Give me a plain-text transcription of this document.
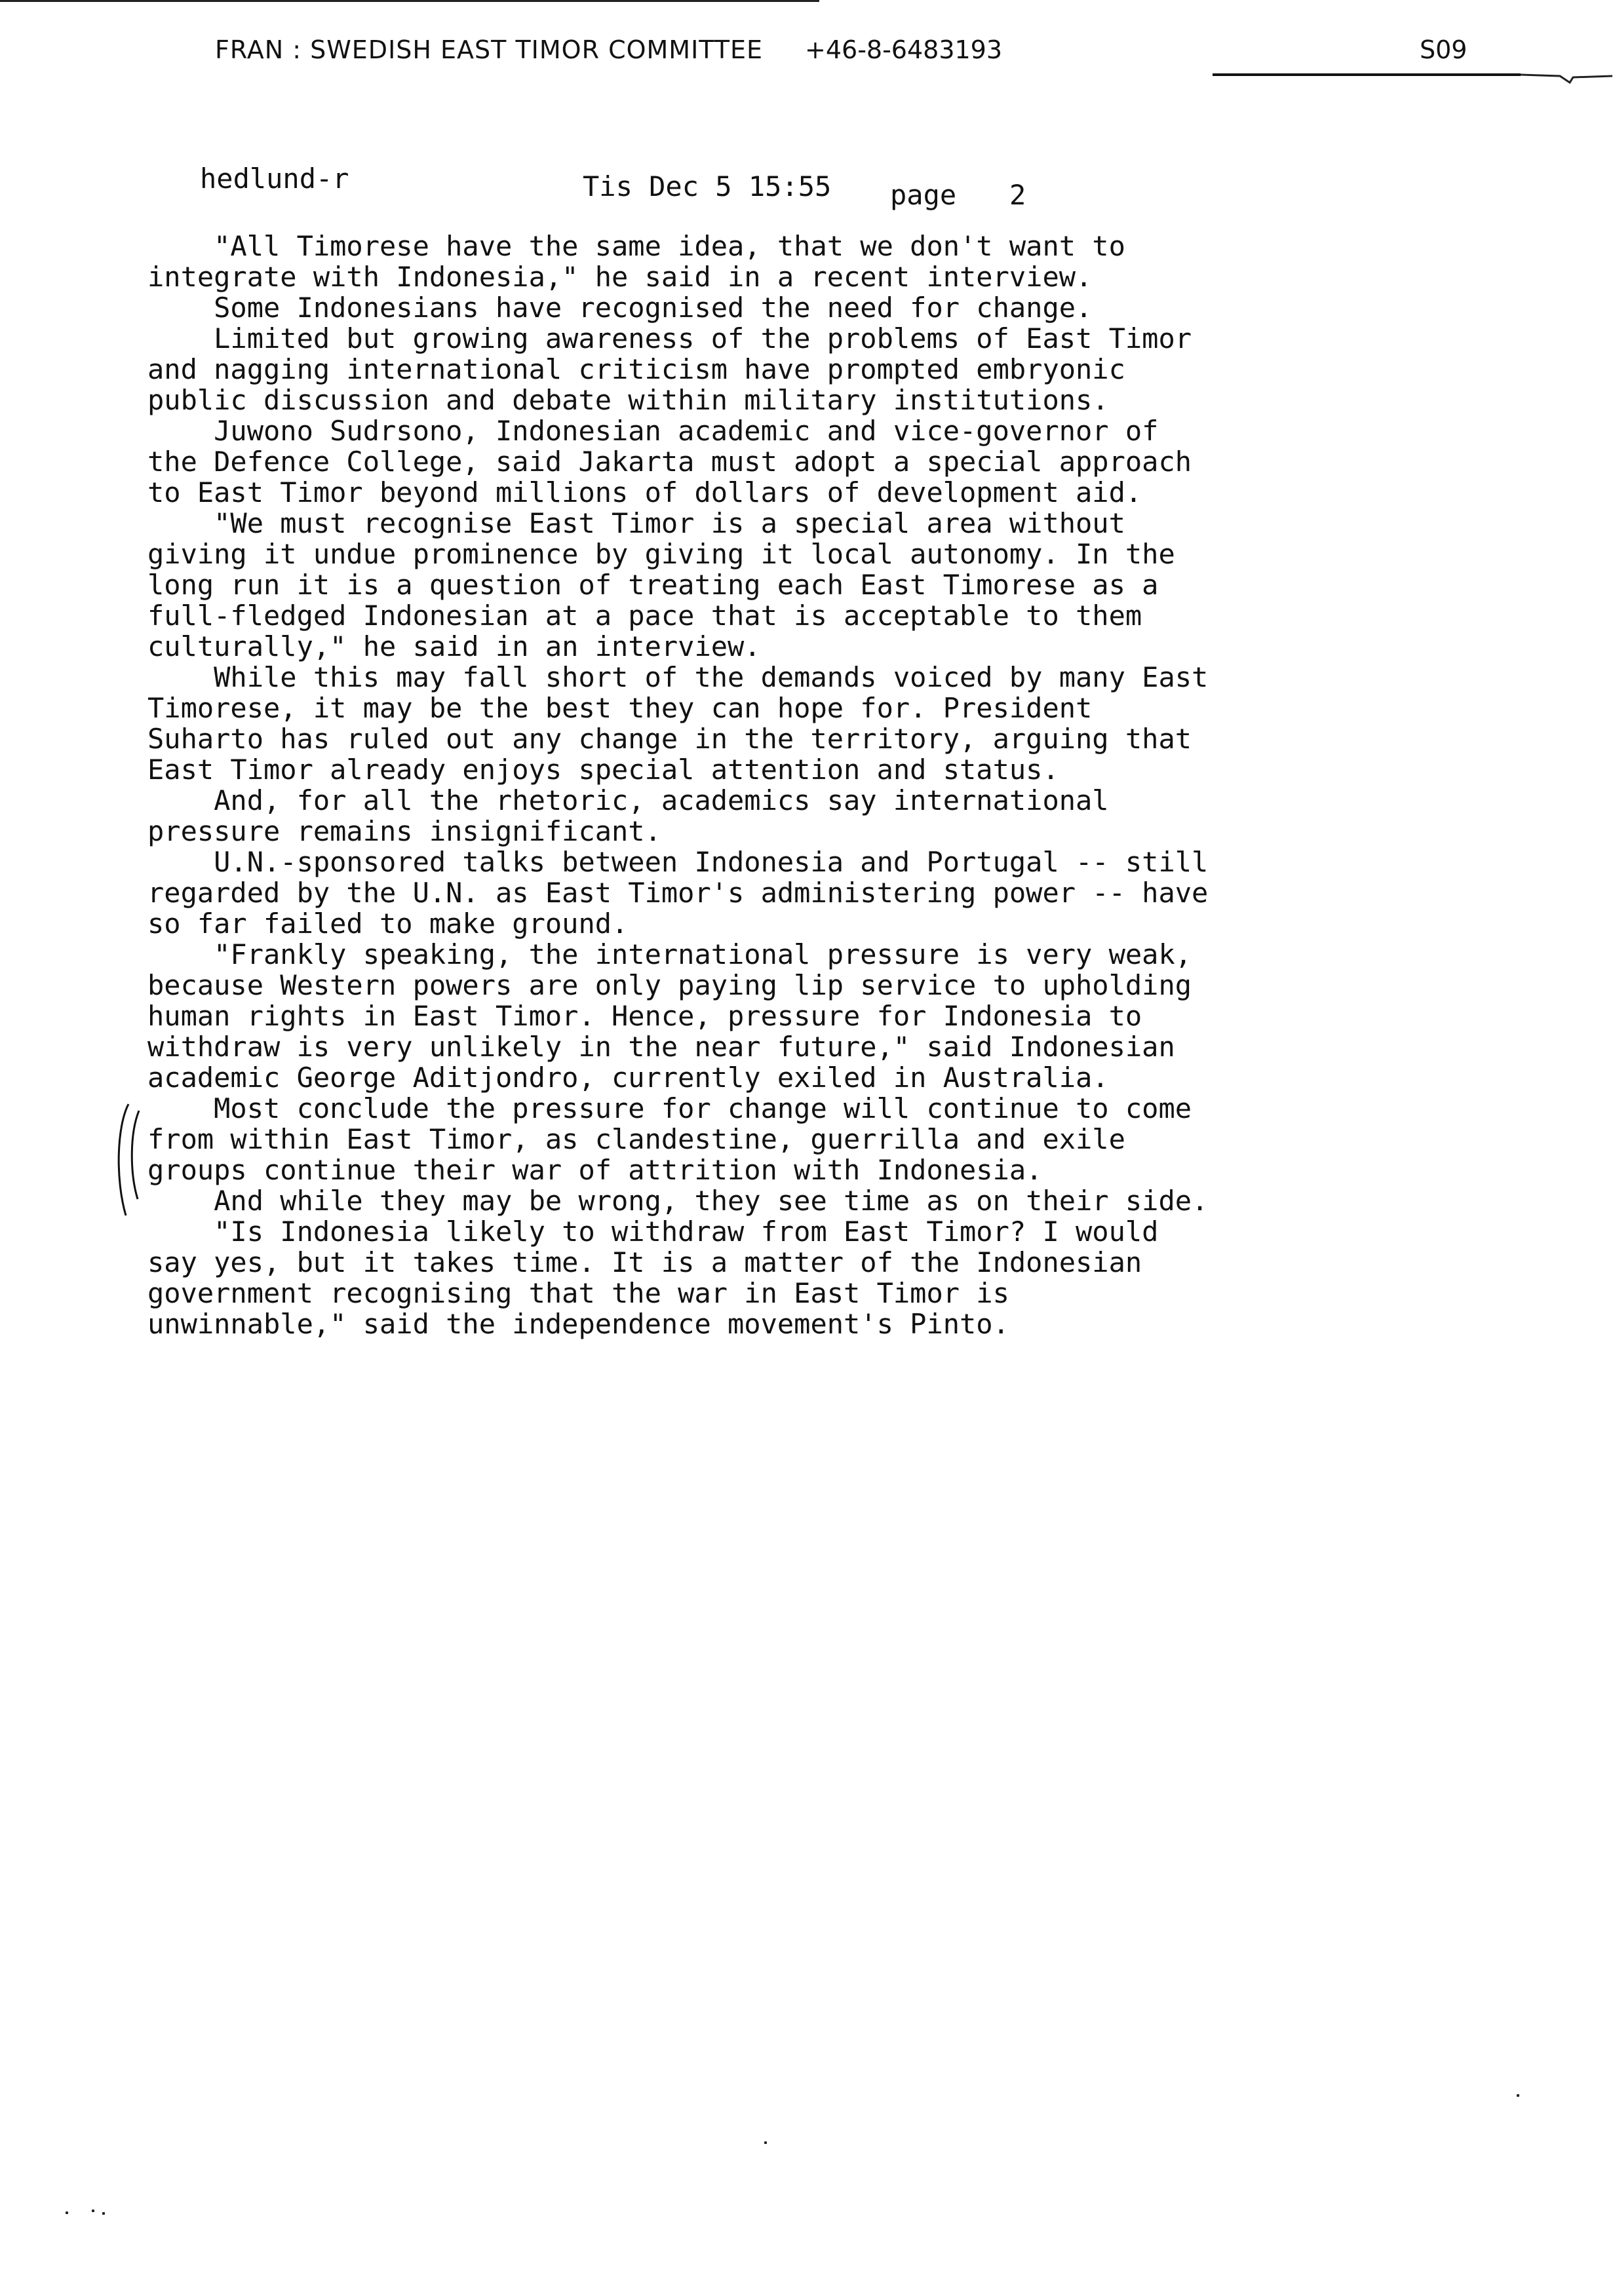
FRAN : SWEDISH EAST TIMOR COMMITTEE +46-8-6483193	S09
hedlund-r	Tis Dec 5 15:55 page 2
"All Timorese have the same idea, that we don't want to
integrate with Indonesia," he said in a recent interview.
Some Indonesians have recognised the need for change.
Limited but growing awareness of the problems of East Timor
and nagging international criticism have prompted embryonic
public discussion and debate within military institutions.
Juwono Sudrsono, Indonesian academic and vice-governor of
the Defence College, said Jakarta must adopt a special approach
to East Timor beyond millions of dollars of development aid.
"We must recognise East Timor is a special area without
giving it undue prominence by giving it local autonomy. In the
long run it is a question of treating each East Timorese as a
full-fledged Indonesian at a pace that is acceptable to them
culturally," he said in an interview.
While this may fall short of the demands voiced by many East
Timorese, it may be the best they can hope for. President
Suharto has ruled out any change in the territory, arguing that
East Timor already enjoys special attention and status.
And, for all the rhetoric, academics say international
pressure remains insignificant.
U.N.-sponsored talks between Indonesia and Portugal -- still
regarded by the U.N. as East Timor's administering power -- have
so far failed to make ground.
"Frankly speaking, the international pressure is very weak,
because Western powers are only paying lip service to upholding
human rights in East Timor. Hence, pressure for Indonesia to
withdraw is very unlikely in the near future," said Indonesian
academic George Aditjondro, currently exiled in Australia.
Most conclude the pressure for change will continue to come
from within East Timor, as clandestine, guerrilla and exile
groups continue their war of attrition with Indonesia.
And while they may be wrong, they see time as on their side.
"Is Indonesia likely to withdraw from East Timor? I would
say yes, but it takes time. It is a matter of the Indonesian
government recognising that the war in East Timor is
unwinnable," said the independence movement's Pinto.
